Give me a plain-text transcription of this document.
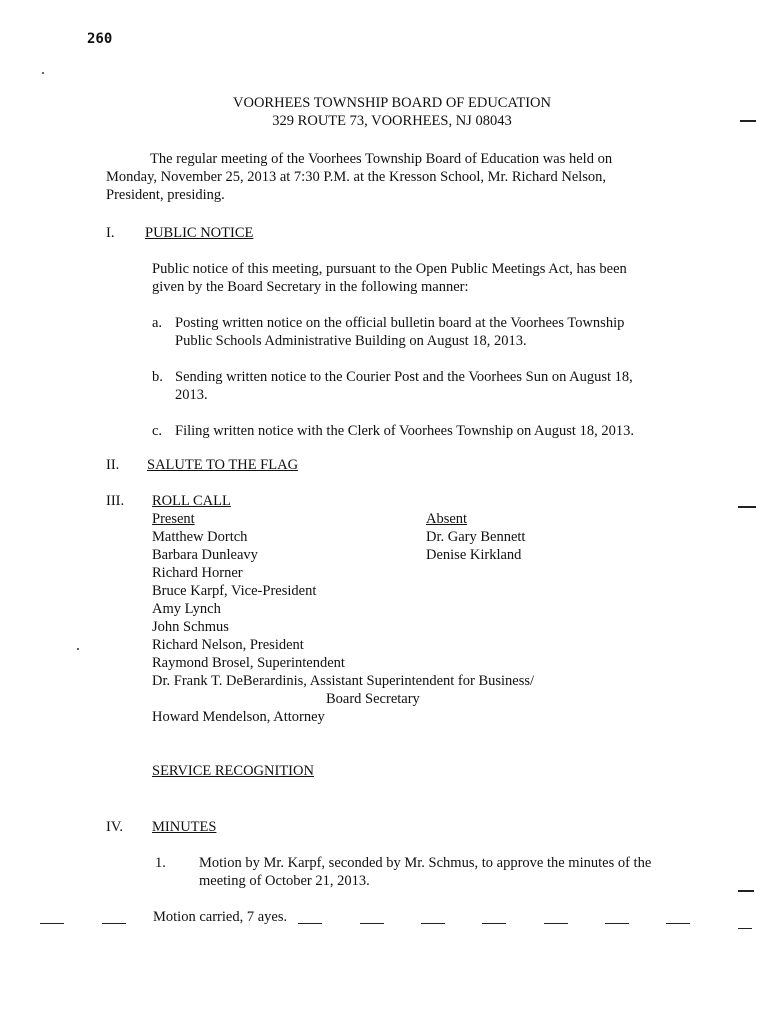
260
VOORHEES TOWNSHIP BOARD OF EDUCATION
329 ROUTE 73, VOORHEES, NJ 08043
The regular meeting of the Voorhees Township Board of Education was held on
Monday, November 25, 2013 at 7:30 P.M. at the Kresson School, Mr. Richard Nelson,
President, presiding.
I. PUBLIC NOTICE
Public notice of this meeting, pursuant to the Open Public Meetings Act, has been
given by the Board Secretary in the following manner:
a. Posting written notice on the official bulletin board at the Voorhees Township
Public Schools Administrative Building on August 18, 2013.
b. Sending written notice to the Courier Post and the Voorhees Sun on August 18,
2013.
c. Filing written notice with the Clerk of Voorhees Township on August 18, 2013.
II. SALUTE TO THE FLAG
III. ROLL CALL
Present
Matthew Dortch
Barbara Dunleavy
Richard Horner
Bruce Karpf, Vice-President
Amy Lynch
John Schmus
Richard Nelson, President
Raymond Brosel, Superintendent
Dr. Frank T. DeBerardinis, Assistant Superintendent for Business/
Board Secretary
Howard Mendelson, Attorney
Absent
Dr. Gary Bennett
Denise Kirkland
SERVICE RECOGNITION
IV. MINUTES
1. Motion by Mr. Karpf, seconded by Mr. Schmus, to approve the minutes of the
meeting of October 21, 2013.
Motion carried, 7 ayes.
